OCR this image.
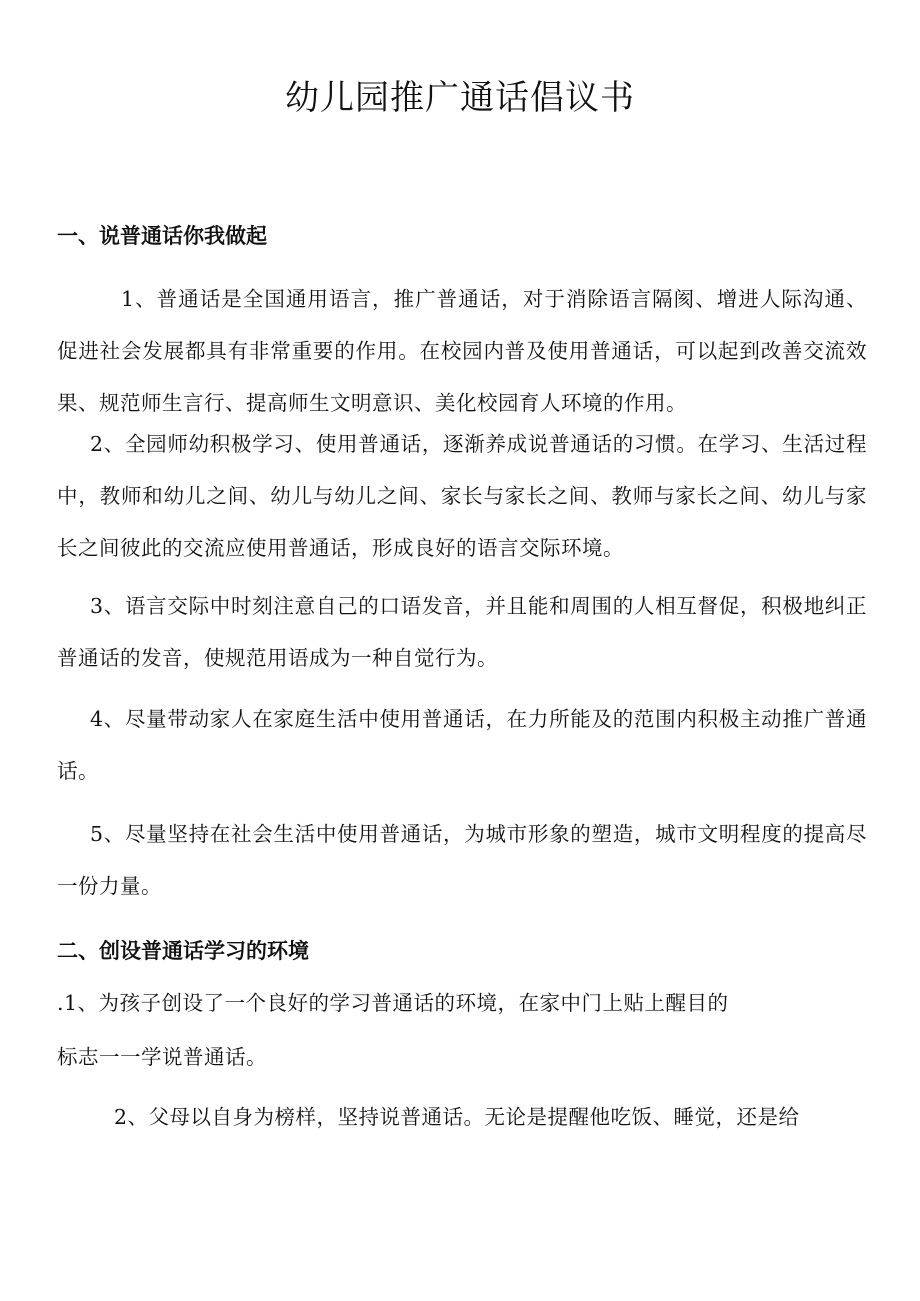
幼儿园推广通话倡议书
一、说普通话你我做起

1、普通话是全国通用语言，推广普通话，对于消除语言隔阂、增进人际沟通、促进社会发展都具有非常重要的作用。在校园内普及使用普通话，可以起到改善交流效果、规范师生言行、提高师生文明意识、美化校园育人环境的作用。

2、全园师幼积极学习、使用普通话，逐渐养成说普通话的习惯。在学习、生活过程中，教师和幼儿之间、幼儿与幼儿之间、家长与家长之间、教师与家长之间、幼儿与家长之间彼此的交流应使用普通话，形成良好的语言交际环境。

3、语言交际中时刻注意自己的口语发音，并且能和周围的人相互督促，积极地纠正普通话的发音，使规范用语成为一种自觉行为。

4、尽量带动家人在家庭生活中使用普通话，在力所能及的范围内积极主动推广普通话。

5、尽量坚持在社会生活中使用普通话，为城市形象的塑造，城市文明程度的提高尽一份力量。

二、创设普通话学习的环境

.1、为孩子创设了一个良好的学习普通话的环境，在家中门上贴上醒目的

标志一一学说普通话。

2、父母以自身为榜样，坚持说普通话。无论是提醒他吃饭、睡觉，还是给
